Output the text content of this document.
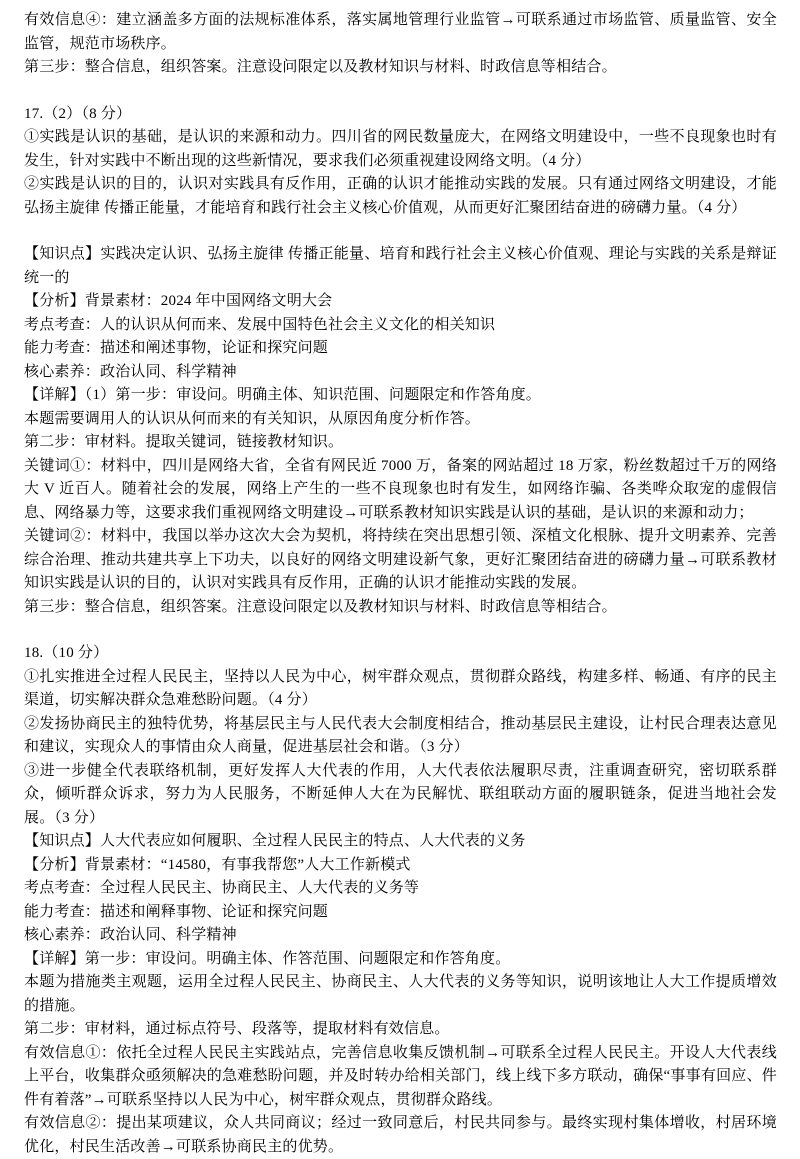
有效信息④：建立涵盖多方面的法规标准体系，落实属地管理行业监管→可联系通过市场监管、质量监管、安全监管，规范市场秩序。

第三步：整合信息，组织答案。注意设问限定以及教材知识与材料、时政信息等相结合。

17.（2）（8 分）

①实践是认识的基础，是认识的来源和动力。四川省的网民数量庞大，在网络文明建设中，一些不良现象也时有发生，针对实践中不断出现的这些新情况，要求我们必须重视建设网络文明。（4 分）

②实践是认识的目的，认识对实践具有反作用，正确的认识才能推动实践的发展。只有通过网络文明建设，才能弘扬主旋律 传播正能量，才能培育和践行社会主义核心价值观，从而更好汇聚团结奋进的磅礴力量。（4 分）

【知识点】实践决定认识、弘扬主旋律 传播正能量、培育和践行社会主义核心价值观、理论与实践的关系是辩证统一的

【分析】背景素材：2024 年中国网络文明大会

考点考查：人的认识从何而来、发展中国特色社会主义文化的相关知识

能力考查：描述和阐述事物，论证和探究问题

核心素养：政治认同、科学精神

【详解】（1）第一步：审设问。明确主体、知识范围、问题限定和作答角度。

本题需要调用人的认识从何而来的有关知识，从原因角度分析作答。

第二步：审材料。提取关键词，链接教材知识。

关键词①：材料中，四川是网络大省，全省有网民近 7000 万，备案的网站超过 18 万家，粉丝数超过千万的网络大 V 近百人。随着社会的发展，网络上产生的一些不良现象也时有发生，如网络诈骗、各类哗众取宠的虚假信息、网络暴力等，这要求我们重视网络文明建设→可联系教材知识实践是认识的基础，是认识的来源和动力；

关键词②：材料中，我国以举办这次大会为契机，将持续在突出思想引领、深植文化根脉、提升文明素养、完善综合治理、推动共建共享上下功夫，以良好的网络文明建设新气象，更好汇聚团结奋进的磅礴力量→可联系教材知识实践是认识的目的，认识对实践具有反作用，正确的认识才能推动实践的发展。

第三步：整合信息，组织答案。注意设问限定以及教材知识与材料、时政信息等相结合。

18.（10 分）

①扎实推进全过程人民民主，坚持以人民为中心，树牢群众观点，贯彻群众路线，构建多样、畅通、有序的民主渠道，切实解决群众急难愁盼问题。（4 分）

②发扬协商民主的独特优势，将基层民主与人民代表大会制度相结合，推动基层民主建设，让村民合理表达意见和建议，实现众人的事情由众人商量，促进基层社会和谐。（3 分）

③进一步健全代表联络机制，更好发挥人大代表的作用，人大代表依法履职尽责，注重调查研究，密切联系群众，倾听群众诉求，努力为人民服务，不断延伸人大在为民解忧、联组联动方面的履职链条，促进当地社会发展。（3 分）

【知识点】人大代表应如何履职、全过程人民民主的特点、人大代表的义务

【分析】背景素材：“14580，有事我帮您”人大工作新模式

考点考查：全过程人民民主、协商民主、人大代表的义务等

能力考查：描述和阐释事物、论证和探究问题

核心素养：政治认同、科学精神

【详解】第一步：审设问。明确主体、作答范围、问题限定和作答角度。

本题为措施类主观题，运用全过程人民民主、协商民主、人大代表的义务等知识，说明该地让人大工作提质增效的措施。

第二步：审材料，通过标点符号、段落等，提取材料有效信息。

有效信息①：依托全过程人民民主实践站点，完善信息收集反馈机制→可联系全过程人民民主。开设人大代表线上平台，收集群众亟须解决的急难愁盼问题，并及时转办给相关部门，线上线下多方联动，确保“事事有回应、件件有着落”→可联系坚持以人民为中心，树牢群众观点，贯彻群众路线。

有效信息②：提出某项建议，众人共同商议；经过一致同意后，村民共同参与。最终实现村集体增收，村居环境优化，村民生活改善→可联系协商民主的优势。
